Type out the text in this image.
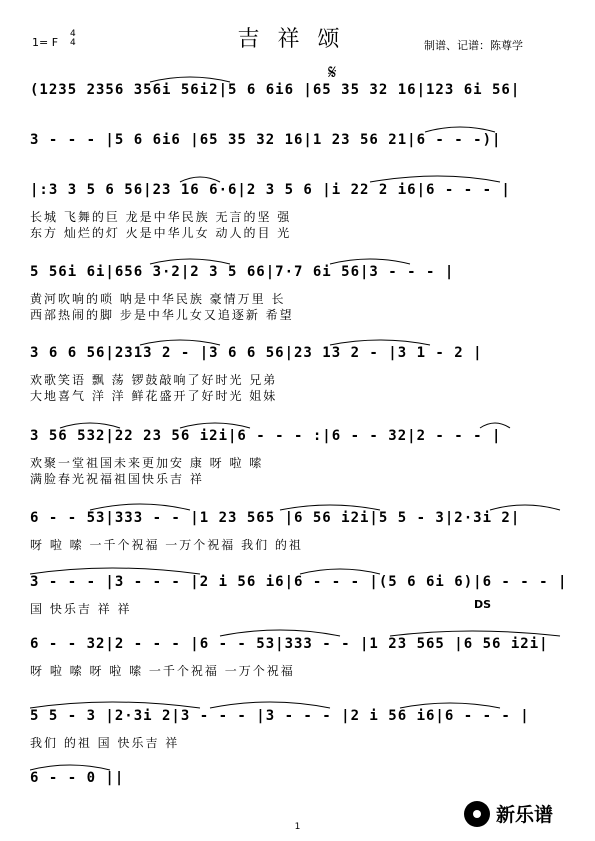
吉祥颂
1= F
4
4	制谱、记谱：陈尊学
𝄋
(1235 2356 356i 56i2|5 6 6i6 |65 35 32 16|123 6i 56|
3 - - - |5 6 6i6 |65 35 32 16|1 23 56 21|6 - - -)|
|:3 3 5 6 56|23 16 6·6|2 3 5 6 |i 22 2 i6|6 - - - |
长城 飞舞的巨 龙是中华民族 无言的坚 强
东方 灿烂的灯 火是中华儿女 动人的目 光
5 56i 6i|656 3·2|2 3 5 66|7·7 6i 56|3 - - - |
黄河吹响的唢 呐是中华民族 豪情万里 长
西部热闹的脚 步是中华儿女又追逐新 希望
3 6 6 56|2313 2 - |3 6 6 56|23 13 2 - |3 1 - 2 |
欢歌笑语 飘 荡 锣鼓敲响了好时光 兄弟
大地喜气 洋 洋 鲜花盛开了好时光 姐妹
3 56 532|22 23 56 i2i|6 - - - :|6 - - 32|2 - - - |
欢聚一堂祖国未来更加安 康 呀 啦 嗦
满脸春光祝福祖国快乐吉 祥
6 - - 53|333 - - |1 23 565 |6 56 i2i|5 5 - 3|2·3i 2|
呀 啦 嗦 一千个祝福 一万个祝福 我们 的祖
3 - - - |3 - - - |2 i 56 i6|6 - - - |(5 6 6i 6)|6 - - - |
国 快乐吉 祥 祥	DS
6 - - 32|2 - - - |6 - - 53|333 - - |1 23 565 |6 56 i2i|
呀 啦 嗦 呀 啦 嗦 一千个祝福 一万个祝福
5 5 - 3 |2·3i 2|3 - - - |3 - - - |2 i 56 i6|6 - - - |
我们 的祖 国 快乐吉 祥
6 - - 0 ||
1
新乐谱
